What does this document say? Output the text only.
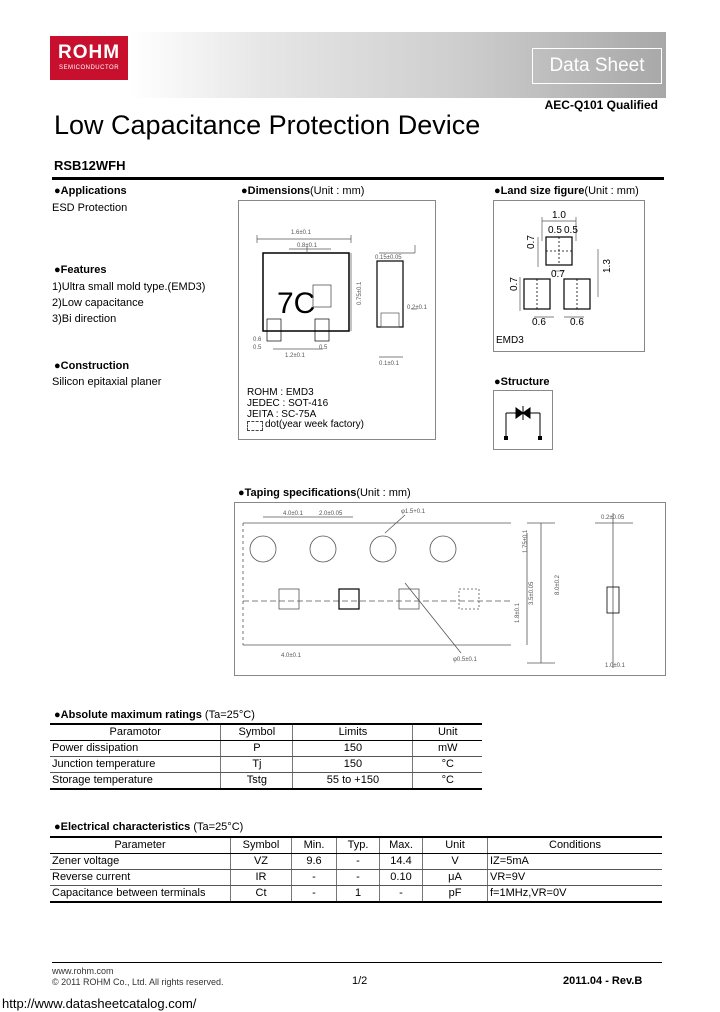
ROHM
SEMICONDUCTOR	Data Sheet
AEC-Q101 Qualified
Low Capacitance Protection Device
RSB12WFH
●Applications
ESD Protection
●Features
1)Ultra small mold type.(EMD3)
2)Low capacitance
3)Bi direction
●Construction
Silicon epitaxial planer
●Dimensions(Unit : mm)
7C
1.6±0.1
0.8±0.1
0.75±0.1
1.2±0.1
0.15±0.05
0.2±0.1
0.6
0.5	0.5
0.1±0.1
ROHM : EMD3
JEDEC : SOT-416
JEITA : SC-75A
dot(year week factory)
●Land size figure(Unit : mm)
1.0
0.5 0.5
0.7
0.7
1.3
0.7
0.6 0.6
EMD3
●Structure
●Taping specifications(Unit : mm)
4.0±0.1	2.0±0.05	φ1.5+0.1
1.75±0.1
3.5±0.05	8.0±0.2
φ0.5±0.1
4.0±0.1
1.8±0.1
0.2±0.05
1.0±0.1
●Absolute maximum ratings (Ta=25°C)
Paramotor	Symbol	Limits	Unit
Power dissipation	P	150	mW
Junction temperature	Tj	150	°C
Storage temperature	Tstg	55 to +150	°C
●Electrical characteristics (Ta=25°C)
Parameter	Symbol	Min.	Typ.	Max.	Unit	Conditions
Zener voltage	VZ	9.6	-	14.4	V	IZ=5mA
Reverse current	IR	-	-	0.10	μA	VR=9V
Capacitance between terminals	Ct	-	1	-	pF	f=1MHz,VR=0V
www.rohm.com
© 2011 ROHM Co., Ltd. All rights reserved.	1/2	2011.04 - Rev.B
http://www.datasheetcatalog.com/
